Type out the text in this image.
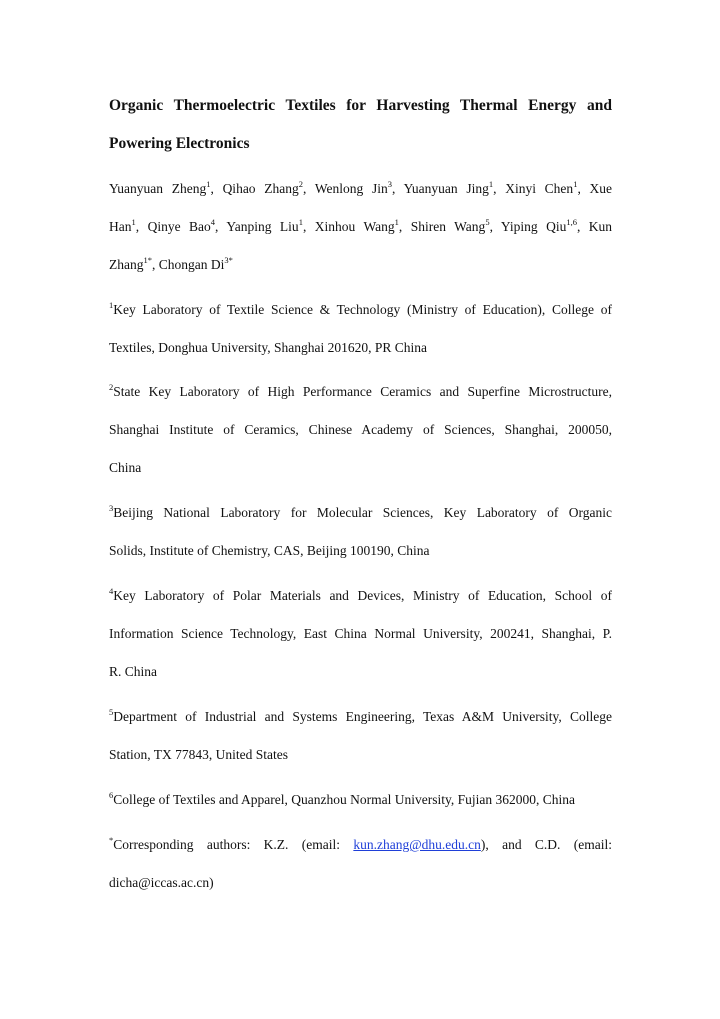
Organic Thermoelectric Textiles for Harvesting Thermal Energy and
Powering Electronics
Yuanyuan Zheng$^1$, Qihao Zhang$^2$, Wenlong Jin$^3$, Yuanyuan Jing$^1$, Xinyi Chen$^1$, Xue
Han$^1$, Qinye Bao$^4$, Yanping Liu$^1$, Xinhou Wang$^1$, Shiren Wang$^5$, Yiping Qiu$^{1,6}$, Kun
Zhang$^{1*}$, Chongan $Di^{3*}$
$^1$Key Laboratory of Textile Science & Technology (Ministry of Education), College of
Textiles, Donghua University, Shanghai 201620, PR China
$^2$State Key Laboratory of High Performance Ceramics and Superfine Microstructure,
Shanghai Institute of Ceramics, Chinese Academy of Sciences, Shanghai, 200050,
China
$^3$Beijing National Laboratory for Molecular Sciences, Key Laboratory of Organic
Solids, Institute of Chemistry, CAS, Beijing 100190, China
$^4$Key Laboratory of Polar Materials and Devices, Ministry of Education, School of
Information Science Technology, East China Normal University, 200241, Shanghai, P.
R. China
$^5$Department of Industrial and Systems Engineering, Texas A&M University, College
Station, TX 77843, United States
$^6$College of Textiles and Apparel, Quanzhou Normal University, Fujian 362000, China
*Corresponding authors: K.Z. (email: kun.zhang@dhu.edu.cn), and C.D. (email:
dicha@iccas.ac.cn)
